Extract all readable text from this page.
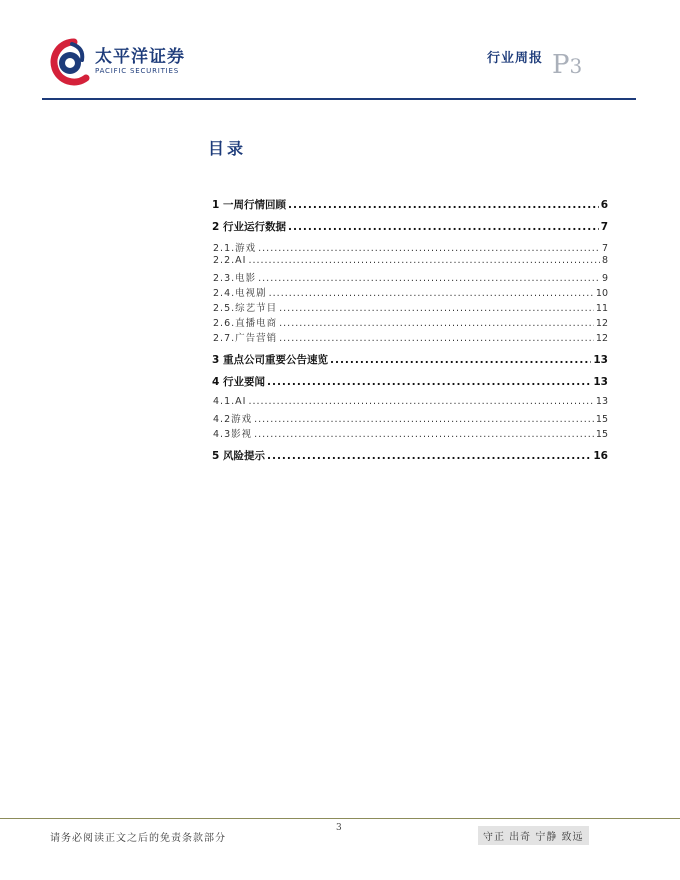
太平洋证券
PACIFIC SECURITIES
行业周报 P3
目录
1 一周行情回顾 .....	6
2 行业运行数据 .....	7
2.1.游戏 .....	7
2.2.AI .....	8
2.3.电影 .....	9
2.4.电视剧 .....	10
2.5.综艺节目 .....	11
2.6.直播电商 .....	12
2.7.广告营销 .....	12
3 重点公司重要公告速览 .....	13
4 行业要闻 .....	13
4.1.AI .....	13
4.2游戏 .....	15
4.3影视 .....	15
5 风险提示 .....	16
3
请务必阅读正文之后的免责条款部分	守正 出奇 宁静 致远
